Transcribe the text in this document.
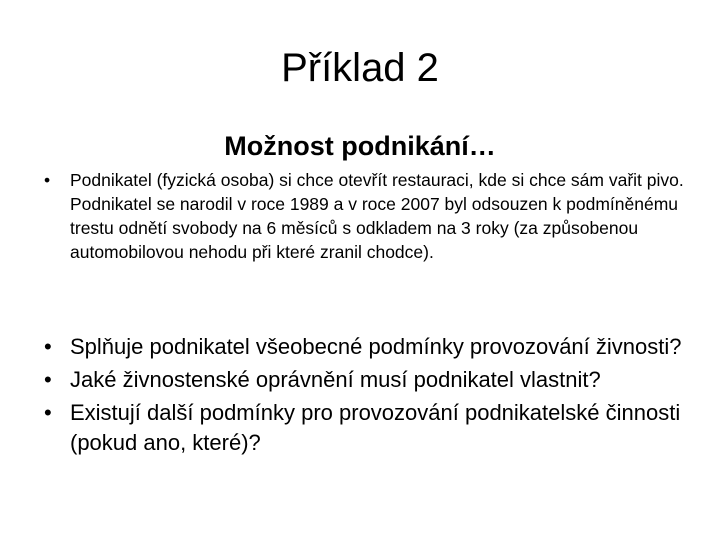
Příklad 2
Možnost podnikání…
• Podnikatel (fyzická osoba) si chce otevřít restauraci, kde si chce sám vařit pivo. Podnikatel se narodil v roce 1989 a v roce 2007 byl odsouzen k podmíněnému trestu odnětí svobody na 6 měsíců s odkladem na 3 roky (za způsobenou automobilovou nehodu při které zranil chodce).
• Splňuje podnikatel všeobecné podmínky provozování živnosti?
• Jaké živnostenské oprávnění musí podnikatel vlastnit?
• Existují další podmínky pro provozování podnikatelské činnosti (pokud ano, které)?
